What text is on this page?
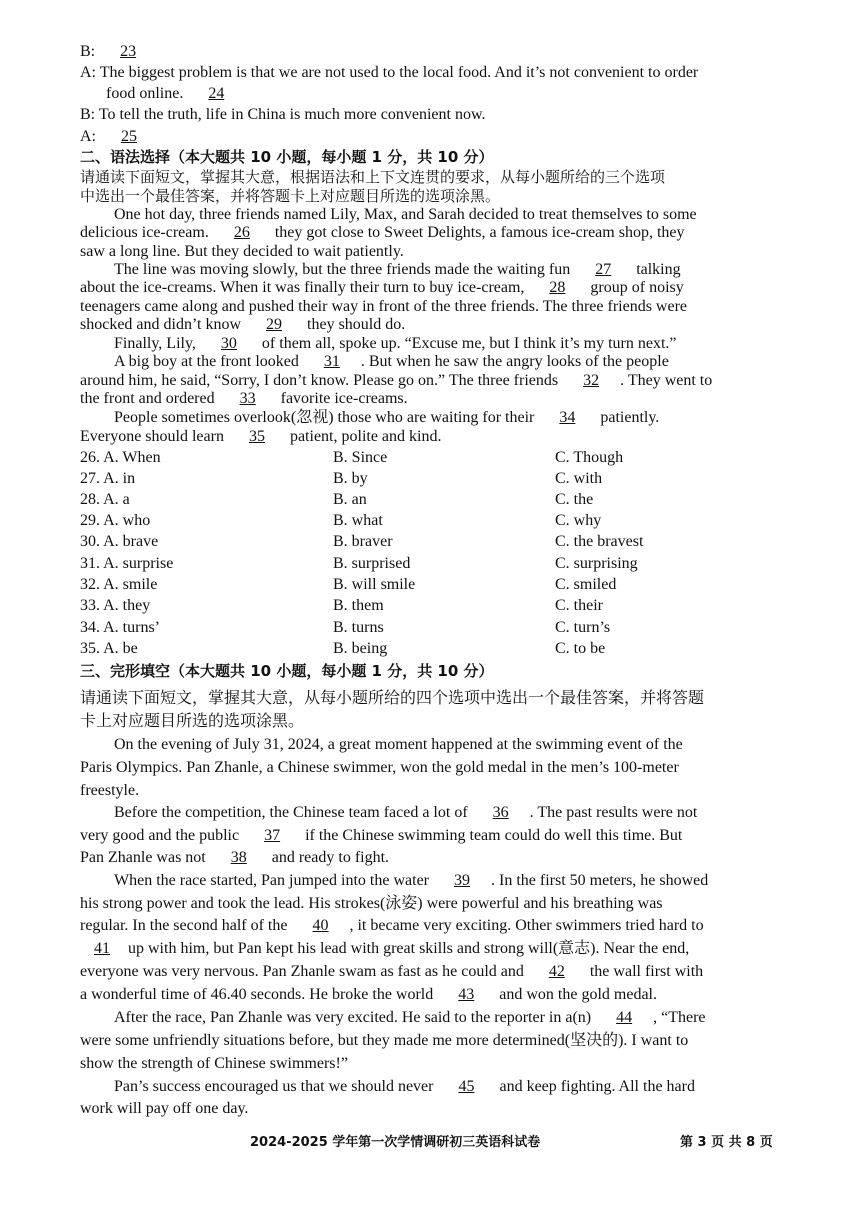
B: 23
A: The biggest problem is that we are not used to the local food. And it’s not convenient to order
food online. 24
B: To tell the truth, life in China is much more convenient now.
A: 25
二、语法选择（本大题共 10 小题，每小题 1 分，共 10 分）
请通读下面短文，掌握其大意，根据语法和上下文连贯的要求，从每小题所给的三个选项
中选出一个最佳答案，并将答题卡上对应题目所选的选项涂黑。
One hot day, three friends named Lily, Max, and Sarah decided to treat themselves to some
delicious ice-cream. 26 they got close to Sweet Delights, a famous ice-cream shop, they
saw a long line. But they decided to wait patiently.
The line was moving slowly, but the three friends made the waiting fun 27 talking
about the ice-creams. When it was finally their turn to buy ice-cream, 28 group of noisy
teenagers came along and pushed their way in front of the three friends. The three friends were
shocked and didn’t know 29 they should do.
Finally, Lily, 30 of them all, spoke up. “Excuse me, but I think it’s my turn next.”
A big boy at the front looked 31 . But when he saw the angry looks of the people
around him, he said, “Sorry, I don’t know. Please go on.” The three friends 32 . They went to
the front and ordered 33 favorite ice-creams.
People sometimes overlook(忽视) those who are waiting for their 34 patiently.
Everyone should learn 35 patient, polite and kind.
26. A. When	B. Since	C. Though
27. A. in	B. by	C. with
28. A. a	B. an	C. the
29. A. who	B. what	C. why
30. A. brave	B. braver	C. the bravest
31. A. surprise	B. surprised	C. surprising
32. A. smile	B. will smile	C. smiled
33. A. they	B. them	C. their
34. A. turns’	B. turns	C. turn’s
35. A. be	B. being	C. to be
三、完形填空（本大题共 10 小题，每小题 1 分，共 10 分）
请通读下面短文，掌握其大意，从每小题所给的四个选项中选出一个最佳答案，并将答题
卡上对应题目所选的选项涂黑。
On the evening of July 31, 2024, a great moment happened at the swimming event of the
Paris Olympics. Pan Zhanle, a Chinese swimmer, won the gold medal in the men’s 100-meter
freestyle.
Before the competition, the Chinese team faced a lot of 36 . The past results were not
very good and the public 37 if the Chinese swimming team could do well this time. But
Pan Zhanle was not 38 and ready to fight.
When the race started, Pan jumped into the water 39 . In the first 50 meters, he showed
his strong power and took the lead. His strokes(泳姿) were powerful and his breathing was
regular. In the second half of the 40 , it became very exciting. Other swimmers tried hard to
41 up with him, but Pan kept his lead with great skills and strong will(意志). Near the end,
everyone was very nervous. Pan Zhanle swam as fast as he could and 42 the wall first with
a wonderful time of 46.40 seconds. He broke the world 43 and won the gold medal.
After the race, Pan Zhanle was very excited. He said to the reporter in a(n) 44 , “There
were some unfriendly situations before, but they made me more determined(坚决的). I want to
show the strength of Chinese swimmers!”
Pan’s success encouraged us that we should never 45 and keep fighting. All the hard
work will pay off one day.
2024-2025 学年第一次学情调研初三英语科试卷	第 3 页 共 8 页
